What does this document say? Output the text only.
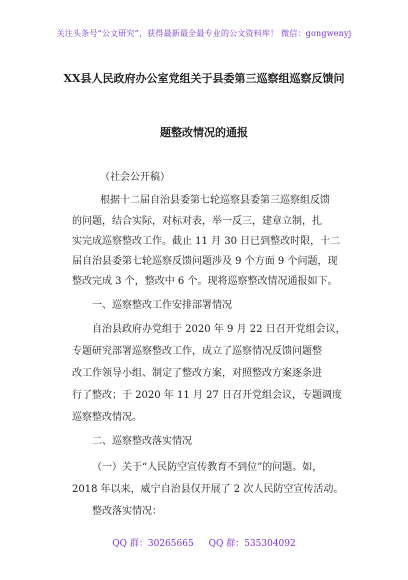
关注头条号“公文研究”，获得最新最全最专业的公文资料库！ 微信：gongwenyj
XX县人民政府办公室党组关于县委第三巡察组巡察反馈问
题整改情况的通报
（社会公开稿）
根据十二届自治县委第七轮巡察县委第三巡察组反馈
的问题，结合实际，对标对表，举一反三，建章立制，扎
实完成巡察整改工作。截止 11 月 30 日已到整改时限，十二
届自治县委第七轮巡察反馈问题涉及 9 个方面 9 个问题，现
整改完成 3 个，整改中 6 个。现将巡察整改情况通报如下。
一、巡察整改工作安排部署情况
自治县政府办党组于 2020 年 9 月 22 日召开党组会议，
专题研究部署巡察整改工作，成立了巡察情况反馈问题整
改工作领导小组、制定了整改方案，对照整改方案逐条进
行了整改；于 2020 年 11 月 27 日召开党组会议，专题调度
巡察整改情况。
二、巡察整改落实情况
（一）关于“人民防空宣传教育不到位”的问题。如，
2018 年以来，威宁自治县仅开展了 2 次人民防空宣传活动。
整改落实情况：
QQ 群：30265665 QQ 群：535304092
